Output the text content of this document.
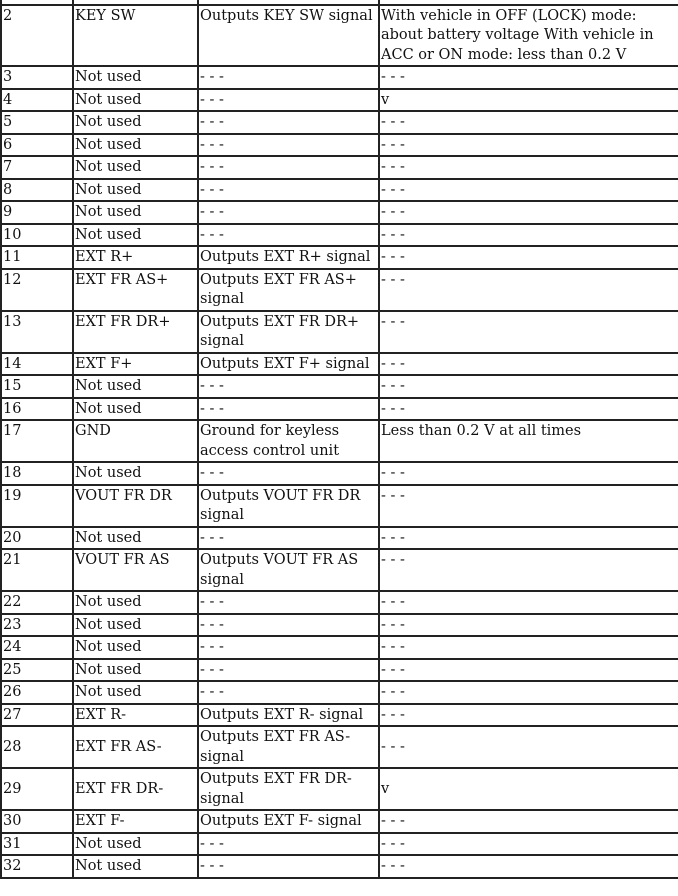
2	KEY SW	Outputs KEY SW signal	With vehicle in OFF (LOCK) mode: about battery voltage With vehicle in ACC or ON mode: less than 0.2 V
3	Not used	- - -	- - -
4	Not used	- - -	v
5	Not used	- - -	- - -
6	Not used	- - -	- - -
7	Not used	- - -	- - -
8	Not used	- - -	- - -
9	Not used	- - -	- - -
10	Not used	- - -	- - -
11	EXT R+	Outputs EXT R+ signal	- - -
12	EXT FR AS+	Outputs EXT FR AS+ signal	- - -
13	EXT FR DR+	Outputs EXT FR DR+ signal	- - -
14	EXT F+	Outputs EXT F+ signal	- - -
15	Not used	- - -	- - -
16	Not used	- - -	- - -
17	GND	Ground for keyless access control unit	Less than 0.2 V at all times
18	Not used	- - -	- - -
19	VOUT FR DR	Outputs VOUT FR DR signal	- - -
20	Not used	- - -	- - -
21	VOUT FR AS	Outputs VOUT FR AS signal	- - -
22	Not used	- - -	- - -
23	Not used	- - -	- - -
24	Not used	- - -	- - -
25	Not used	- - -	- - -
26	Not used	- - -	- - -
27	EXT R-	Outputs EXT R- signal	- - -
28	EXT FR AS-	Outputs EXT FR AS- signal	- - -
29	EXT FR DR-	Outputs EXT FR DR- signal	v
30	EXT F-	Outputs EXT F- signal	- - -
31	Not used	- - -	- - -
32	Not used	- - -	- - -
